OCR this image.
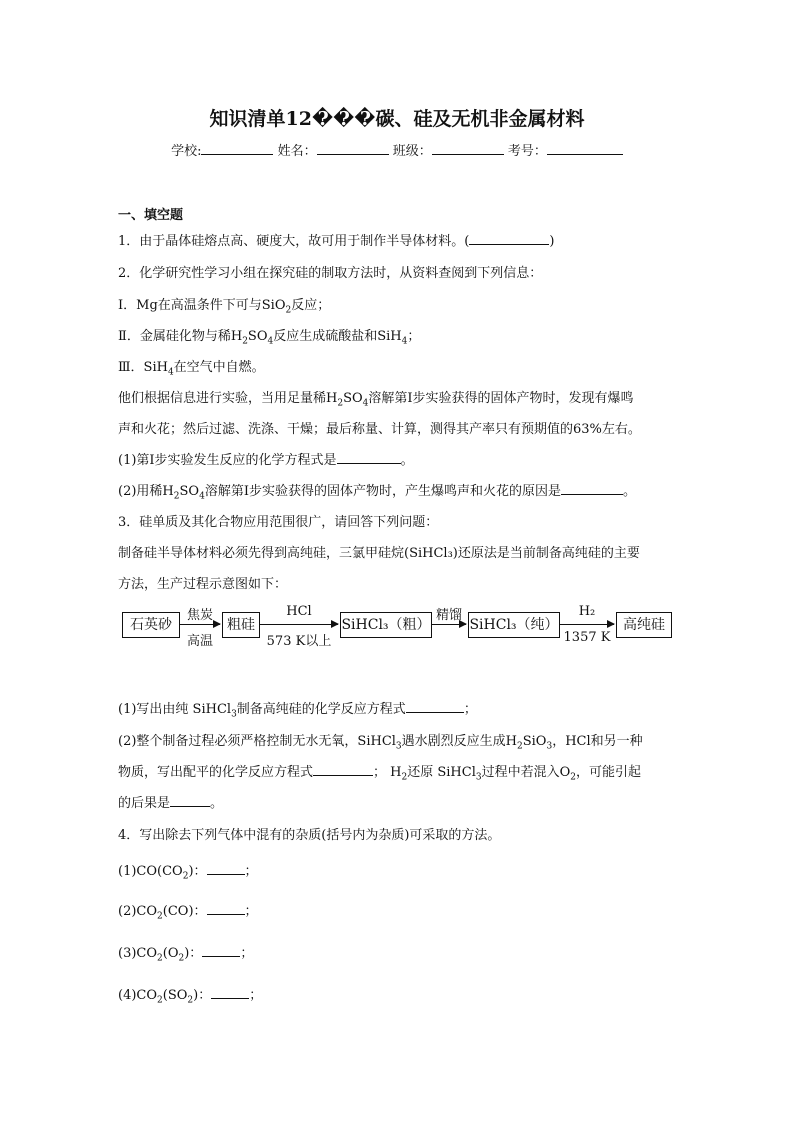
知识清单12���碳、硅及无机非金属材料
学校:	姓名：	班级：	考号：
一、填空题
1．由于晶体硅熔点高、硬度大，故可用于制作半导体材料。(	)
2．化学研究性学习小组在探究硅的制取方法时，从资料查阅到下列信息：
Ⅰ．Mg在高温条件下可与SiO$_2$反应；
Ⅱ．金属硅化物与稀$H_2SO_4$反应生成硫酸盐和SiH$_4$；
Ⅲ．SiH$_4$在空气中自燃。
他们根据信息进行实验，当用足量稀$H_2SO_4$溶解第Ⅰ步实验获得的固体产物时，发现有爆鸣
声和火花；然后过滤、洗涤、干燥；最后称量、计算，测得其产率只有预期值的63%左右。
(1)第Ⅰ步实验发生反应的化学方程式是	。
(2)用稀$H_2SO_4$溶解第Ⅰ步实验获得的固体产物时，产生爆鸣声和火花的原因是	。
3．硅单质及其化合物应用范围很广，请回答下列问题：
制备硅半导体材料必须先得到高纯硅，三氯甲硅烷(SiHCl₃)还原法是当前制备高纯硅的主要
方法，生产过程示意图如下：
石英砂
焦炭
高温
粗硅
HCl
573 K以上
SiHCl₃（粗）
精馏
SiHCl₃（纯）
H₂
1357 K
高纯硅
(1)写出由纯 SiHCl$_3$制备高纯硅的化学反应方程式	；
(2)整个制备过程必须严格控制无水无氧，SiHCl$_3$遇水剧烈反应生成$H_2SiO_3$，HCl和另一种
物质，写出配平的化学反应方程式	； $H_2$还原 SiHCl$_3$过程中若混入$O_2$，可能引起
的后果是	。
4．写出除去下列气体中混有的杂质(括号内为杂质)可采取的方法。
$(1)CO(CO_2)$：	；
$(2)CO_2(CO)$：	；
$(3)CO_2(O_2)$：	；
$(4)CO_2(SO_2)$：	；
